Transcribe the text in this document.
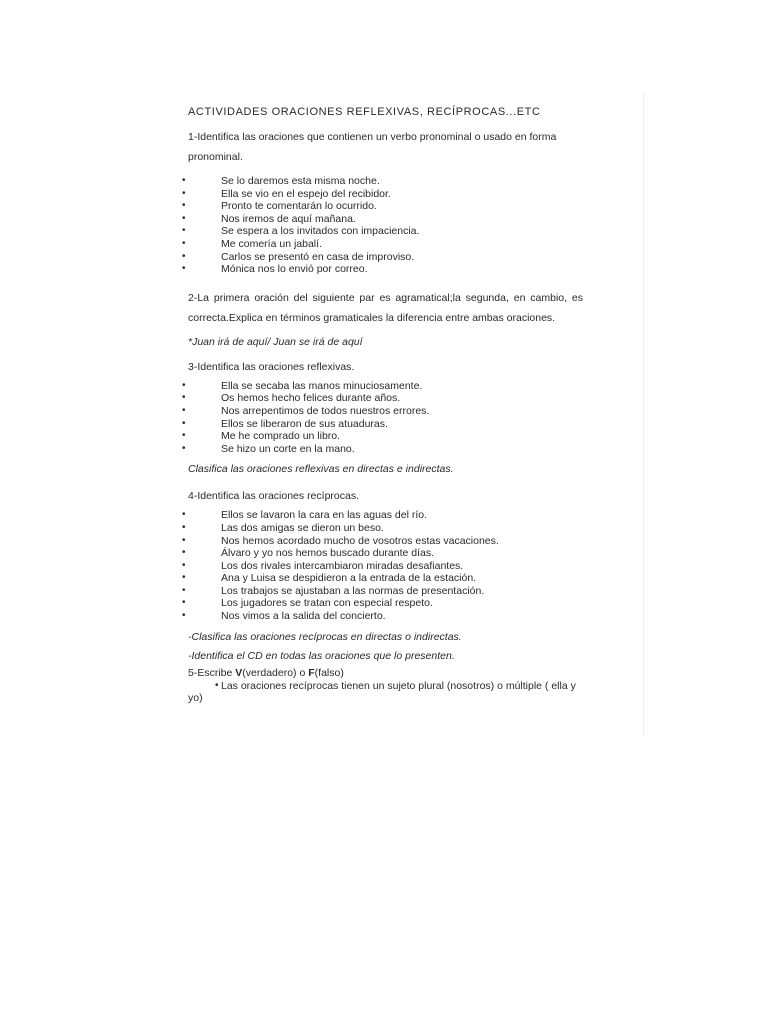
ACTIVIDADES ORACIONES REFLEXIVAS, RECÍPROCAS...ETC
1-Identifica las oraciones que contienen un verbo pronominal o usado en forma pronominal.
• Se lo daremos esta misma noche.
• Ella se vio en el espejo del recibidor.
• Pronto te comentarán lo ocurrido.
• Nos iremos de aquí mañana.
• Se espera a los invitados con impaciencia.
• Me comería un jabalí.
• Carlos se presentó en casa de improviso.
• Mónica nos lo envió por correo.
2-La primera oración del siguiente par es agramatical;la segunda, en cambio, es correcta.Explica en términos gramaticales la diferencia entre ambas oraciones.
*Juan irá de aquí/ Juan se irá de aquí
3-Identifica las oraciones reflexivas.
• Ella se secaba las manos minuciosamente.
• Os hemos hecho felices durante años.
• Nos arrepentimos de todos nuestros errores.
• Ellos se liberaron de sus atuaduras.
• Me he comprado un libro.
• Se hizo un corte en la mano.
Clasifica las oraciones reflexivas en directas e indirectas.
4-Identifica las oraciones recíprocas.
• Ellos se lavaron la cara en las aguas del río.
• Las dos amigas se dieron un beso.
• Nos hemos acordado mucho de vosotros estas vacaciones.
• Álvaro y yo nos hemos buscado durante días.
• Los dos rivales intercambiaron miradas desafiantes.
• Ana y Luisa se despidieron a la entrada de la estación.
• Los trabajos se ajustaban a las normas de presentación.
• Los jugadores se tratan con especial respeto.
• Nos vimos a la salida del concierto.
-Clasifica las oraciones recíprocas en directas o indirectas.
-Identifica el CD en todas las oraciones que lo presenten.
5-Escribe V(verdadero) o F(falso)
• Las oraciones recíprocas tienen un sujeto plural (nosotros) o múltiple ( ella y yo)
